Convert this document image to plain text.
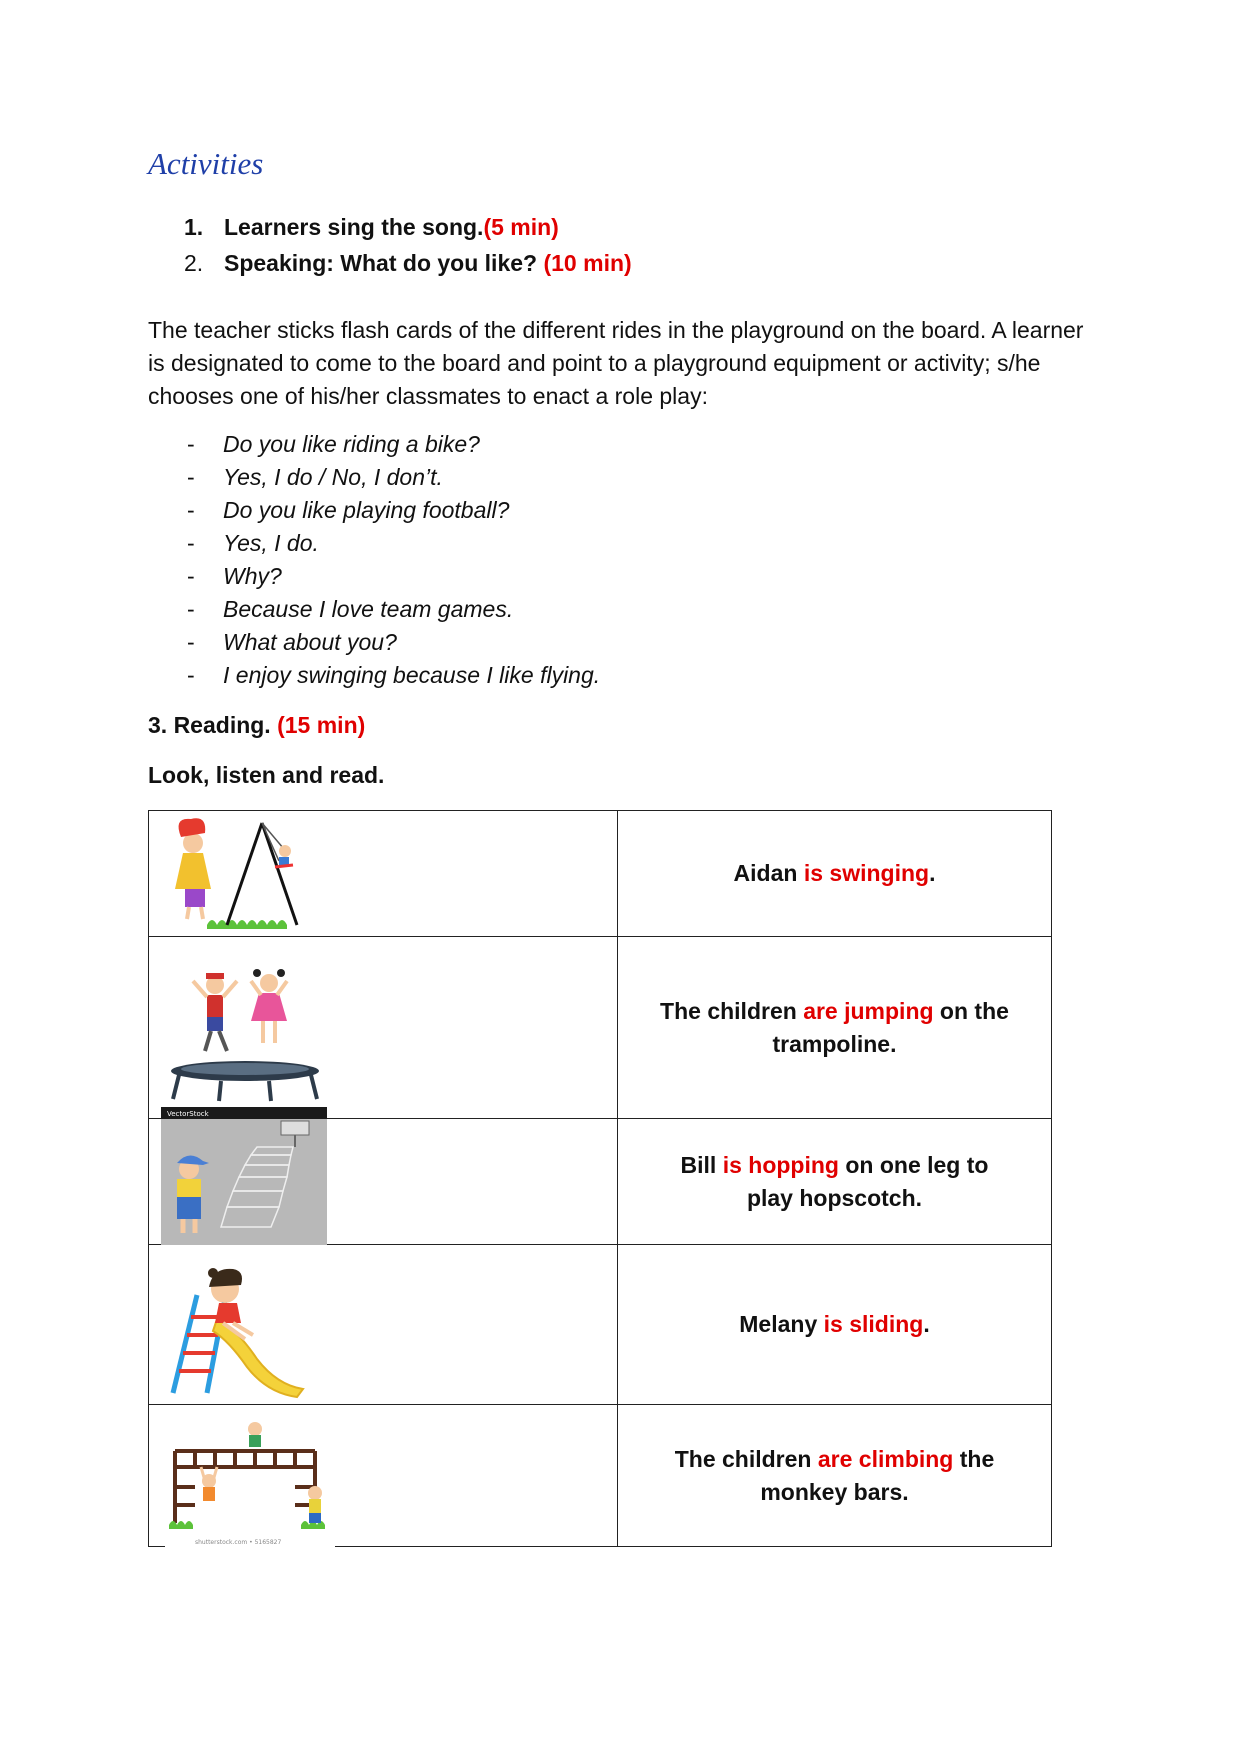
Activities
1. Learners sing the song.(5 min)
2. Speaking: What do you like? (10 min)
The teacher sticks flash cards of the different rides in the playground on the board. A learner is designated to come to the board and point to a playground equipment or activity; s/he chooses one of his/her classmates to enact a role play:
- Do you like riding a bike?
- Yes, I do / No, I don’t.
- Do you like playing football?
- Yes, I do.
- Why?
- Because I love team games.
- What about you?
- I enjoy swinging because I like flying.
3. Reading. (15 min)
Look, listen and read.
	Aidan is swinging.

	The children are jumping on the trampoline.

VectorStock	Bill is hopping on one leg to play hopscotch.

	Melany is sliding.

shutterstock.com • 5165827	The children are climbing the monkey bars.
